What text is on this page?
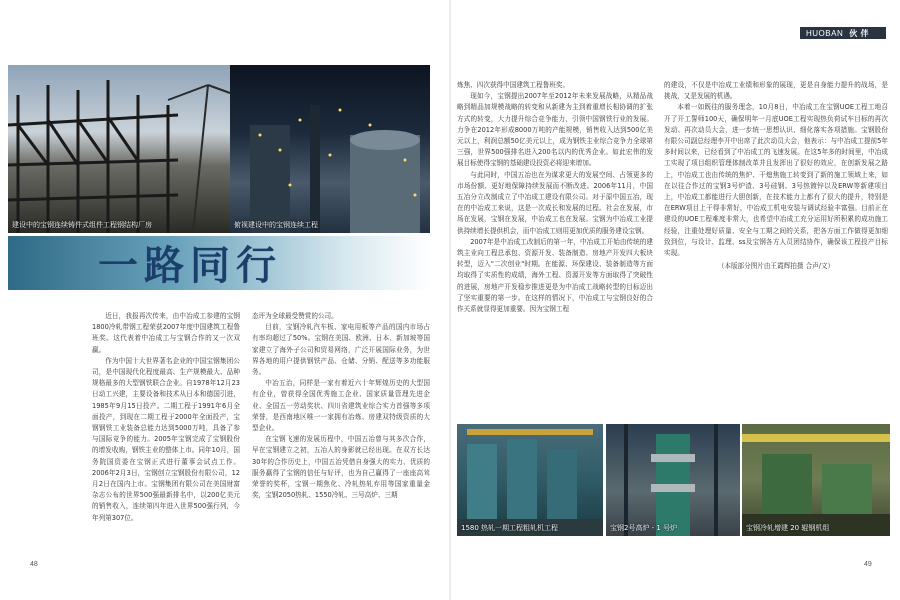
HUOBAN 伙 伴
建设中的宝钢连续铸件式组件工程钢结构厂房	俯视建设中的宝钢连续工程
一路同行

近日，我报再次传来，由中冶成工参建的宝钢1800冷轧带钢工程荣获2007年度中国建筑工程鲁班奖。这代表着中冶成工与宝钢合作的又一次双赢。

作为中国十大世界著名企业的中国宝钢集团公司，是中国现代化程度最高、生产规模最大、品种规格最多的大型钢铁联合企业。自1978年12月23日动工兴建，主要设备和技术从日本和德国引进，1985年9月15日投产。二期工程于1991年6月全面投产，到现在二期工程于2000年全面投产，宝钢钢铁工业装备总能力达到5000万吨，具备了参与国际竞争的能力。2005年宝钢完成了宝钢股份的增发收购，钢铁主业的整体上市。同年10月，国务院国资委在宝钢正式进行董事会试点工作。2006年2月3日，宝钢创立宝钢股份有限公司，12月2日在国内上市。宝钢集团有限公司在美国财富杂志公布的世界500强最新排名中，以200亿美元的销售收入，连续第四年进入世界500强行列，今年列第307位。

态评为全球最受赞赏的公司。

目前，宝钢冷轧汽车板、家电用板等产品的国内市场占有率均超过了50%。宝钢在美国、欧洲、日本、新加坡等国家建立了海外子公司和贸易网络，广泛开展国际业务，为世界各地的用户提供钢铁产品、仓储、分销、配送等多功能服务。

中冶五治，同样是一家有着近六十年辉煌历史的大型国有企业，曾获得全国优秀施工企业、国家质量管理先进企业、全国五一劳动奖状、四川省建筑业综合实力首强等多项荣誉，是西南地区唯一一家拥有冶炼、房建双特级资质的大型企业。

在宝钢飞速的发展历程中，中国五冶曾与其多次合作，早在宝钢建立之初，五冶人的身影就已经出现。在双方长达30年的合作历史上，中国五冶凭借自身强大的实力、优质的服务赢得了宝钢的信任与好评，也为自己赢得了一座座高耸荣誉的奖杯，宝钢一期焦化、冷轧热轧弃用等国家重量金奖，宝钢2050热轧、1550冷轧、三号高炉、三期

炼焦、四次获得中国建筑工程鲁班奖。

现如今，宝钢提出2007年至2012年未来发展战略，从精品战略到精品加规模战略的转变和从新建为主到着重增长相协调的扩张方式的转变，大力提升综合竞争能力，引领中国钢铁行业的发展。力争在2012年形成8000万吨的产能规模，销售收入达到500亿美元以上，利润总额50亿美元以上，成为钢铁主业综合竞争力全球第三强，世界500强排名进入200名以内的优秀企业。如此宏伟的发展目标使得宝钢的基础建设投资必将迎来增加。

与此同时，中国五冶也在为谋求更大的发展空间、占领更多的市场份额、更好地保障持续发展而不断改进。2006年11月，中国五冶分立改制成立了中冶成工建设有限公司。对于原中国五冶，现在的中冶成工来说，这是一次成长和发展的过程。社会在发展，市场在发展，宝钢在发展，中冶成工也在发展。宝钢为中冶成工业提供持续增长提供机会，而中冶成工则用更加优质的服务建设宝钢。

2007年是中冶成工改制后的第一年，中冶成工开始由传统的建筑主业向工程总承包、资源开发、装备制造、房地产开发四大板块转型，迈入"二次创业"时期。在能源、环保建设、装备制造等方面均取得了实质性的成绩，海外工程、资源开发等方面取得了突破性的进展，房地产开发稳步推进更是为中冶成工战略转型的目标迈出了坚实重要的第一步。在这样的情况下，中冶成工与宝钢良好的合作关系就显得更加重要。因为宝钢工程

的建设，不仅是中冶成工业绩和形象的展现，更是自身能力提升的战场，是挑战，又是发展的机遇。

本着一如既往的服务理念，10月8日，中冶成工在宝钢UOE工程工地召开了开工誓师100天，确保明年一月底UOE工程实现热负荷试车目标的再次发动、再次动员大会，进一步统一思想认识、细化落实各项措施。宝钢股份有限公司副总经理李开中出席了此次动员大会，他表示：与中冶成工提前5年多时间以来，已经看到了中冶成工的飞速发展。在这5年多的时间里，中冶成工实现了项目组织管理体制改革并且发挥出了很好的效应，在创新发展之路上，中冶成工也由传统的焦炉、干熄焦施工转变到了新的施工领域上来，如在以往合作过的宝钢3号炉渣、3号硅钢、3号热镀锌以及ERW等新建项目上，中冶成工都能进行大胆创新，在技术能力上都有了很大的提升，特别是在ERW项目上干得非常好，中冶成工机电安装与调试经验丰富强。目前正在建设的UOE工程难度非常大，也希望中冶成工充分运用好所积累的成功施工经验，注重处理好质量、安全与工期之间的关系，把各方面工作做得更加细致到位，与设计、监理、ss及宝钢各方人员团结协作，确保该工程投产目标实现。

（本版部分图片由王霞辉拍摄 合声/文）

1580 热轧一期工程粗轧机工程	宝钢2号高炉 - 1 号炉	宝钢冷轧增建 20 辊钢机组
48	49
